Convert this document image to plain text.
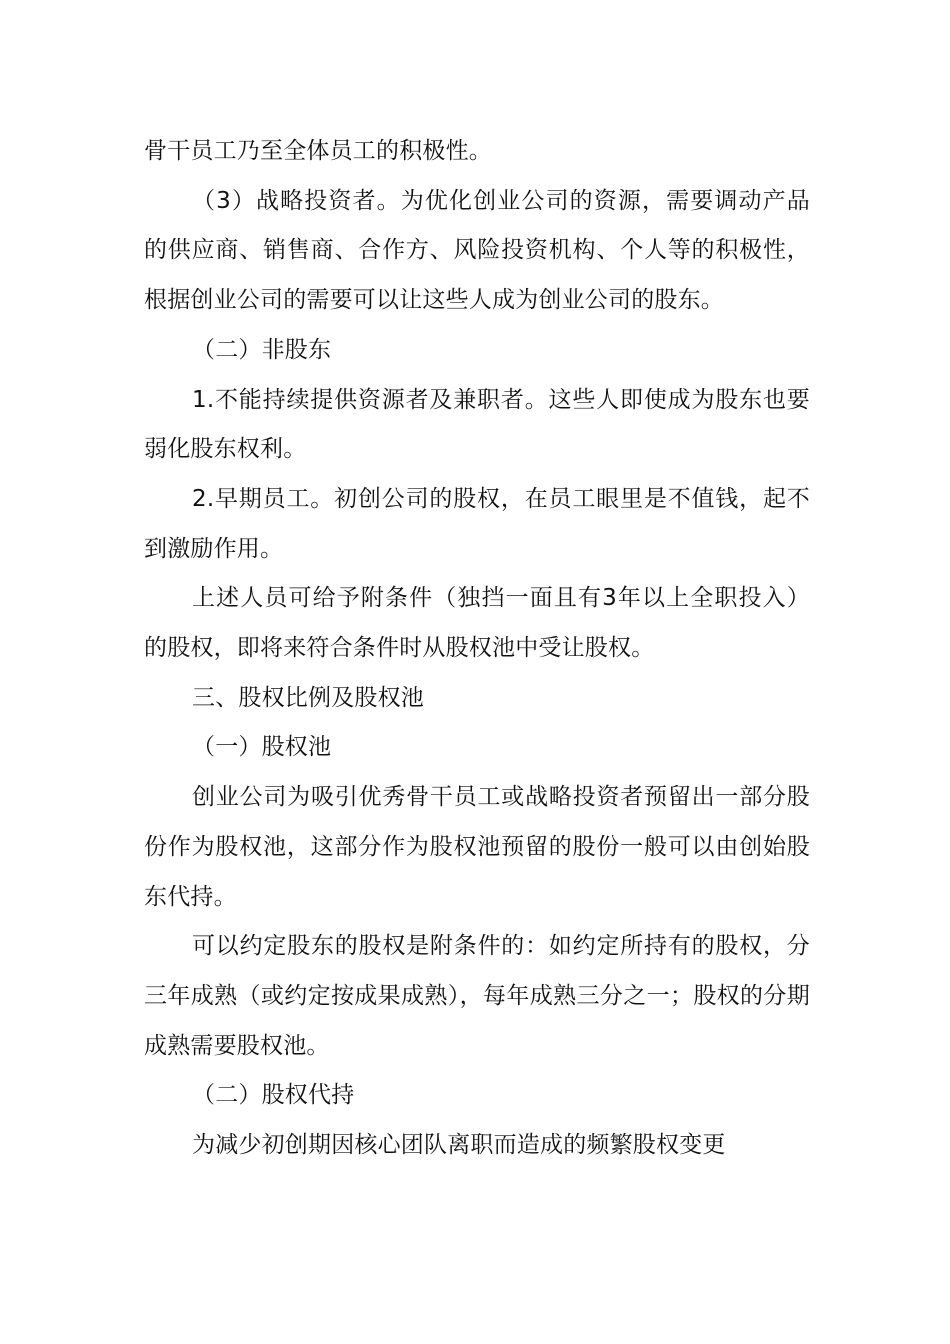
骨干员工乃至全体员工的积极性。

（3）战略投资者。为优化创业公司的资源，需要调动产品的供应商、销售商、合作方、风险投资机构、个人等的积极性，根据创业公司的需要可以让这些人成为创业公司的股东。

（二）非股东

1.不能持续提供资源者及兼职者。这些人即使成为股东也要弱化股东权利。

2.早期员工。初创公司的股权，在员工眼里是不值钱，起不到激励作用。

上述人员可给予附条件（独挡一面且有3年以上全职投入）的股权，即将来符合条件时从股权池中受让股权。

三、股权比例及股权池

（一）股权池

创业公司为吸引优秀骨干员工或战略投资者预留出一部分股份作为股权池，这部分作为股权池预留的股份一般可以由创始股东代持。

可以约定股东的股权是附条件的：如约定所持有的股权，分三年成熟（或约定按成果成熟），每年成熟三分之一；股权的分期成熟需要股权池。

（二）股权代持

为减少初创期因核心团队离职而造成的频繁股权变更
